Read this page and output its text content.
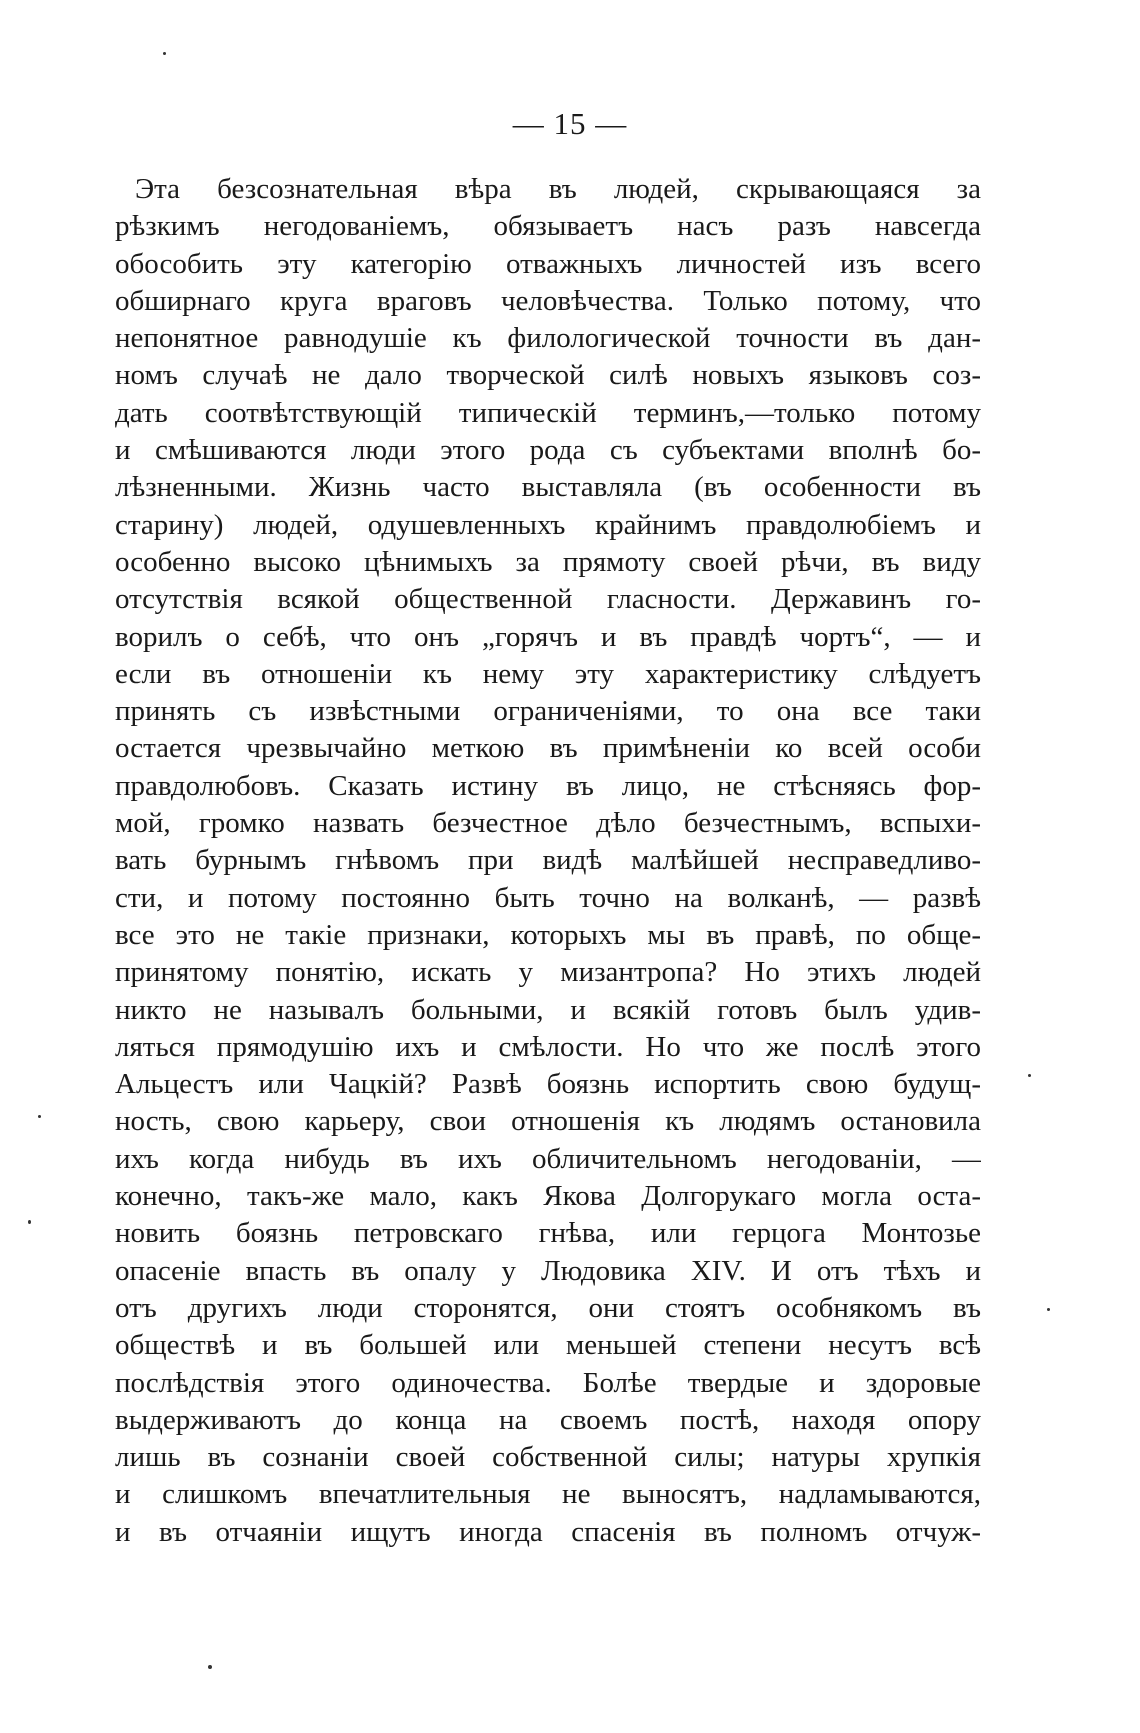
— 15 —
Эта безсознательная вѣра въ людей, скрывающаяся за
рѣзкимъ негодованіемъ, обязываетъ насъ разъ навсегда
обособить эту категорію отважныхъ личностей изъ всего
обширнаго круга враговъ человѣчества. Только потому, что
непонятное равнодушіе къ филологической точности въ дан-
номъ случаѣ не дало творческой силѣ новыхъ языковъ соз-
дать соотвѣтствующій типическій терминъ,—только потому
и смѣшиваются люди этого рода съ субъектами вполнѣ бо-
лѣзненными. Жизнь часто выставляла (въ особенности въ
старину) людей, одушевленныхъ крайнимъ правдолюбіемъ и
особенно высоко цѣнимыхъ за прямоту своей рѣчи, въ виду
отсутствія всякой общественной гласности. Державинъ го-
ворилъ о себѣ, что онъ „горячъ и въ правдѣ чортъ“, — и
если въ отношеніи къ нему эту характеристику слѣдуетъ
принять съ извѣстными ограниченіями, то она все таки
остается чрезвычайно меткою въ примѣненіи ко всей особи
правдолюбовъ. Сказать истину въ лицо, не стѣсняясь фор-
мой, громко назвать безчестное дѣло безчестнымъ, вспыхи-
вать бурнымъ гнѣвомъ при видѣ малѣйшей несправедливо-
сти, и потому постоянно быть точно на волканѣ, — развѣ
все это не такіе признаки, которыхъ мы въ правѣ, по обще-
принятому понятію, искать у мизантропа? Но этихъ людей
никто не называлъ больными, и всякій готовъ былъ удив-
ляться прямодушію ихъ и смѣлости. Но что же послѣ этого
Альцестъ или Чацкій? Развѣ боязнь испортить свою будущ-
ность, свою карьеру, свои отношенія къ людямъ остановила
ихъ когда нибудь въ ихъ обличительномъ негодованіи, —
конечно, такъ-же мало, какъ Якова Долгорукаго могла оста-
новить боязнь петровскаго гнѣва, или герцога Монтозье
опасеніе впасть въ опалу у Людовика XIV. И отъ тѣхъ и
отъ другихъ люди сторонятся, они стоятъ особнякомъ въ
обществѣ и въ большей или меньшей степени несутъ всѣ
послѣдствія этого одиночества. Болѣе твердые и здоровые
выдерживаютъ до конца на своемъ постѣ, находя опору
лишь въ сознаніи своей собственной силы; натуры хрупкія
и слишкомъ впечатлительныя не выносятъ, надламываются,
и въ отчаяніи ищутъ иногда спасенія въ полномъ отчуж-
